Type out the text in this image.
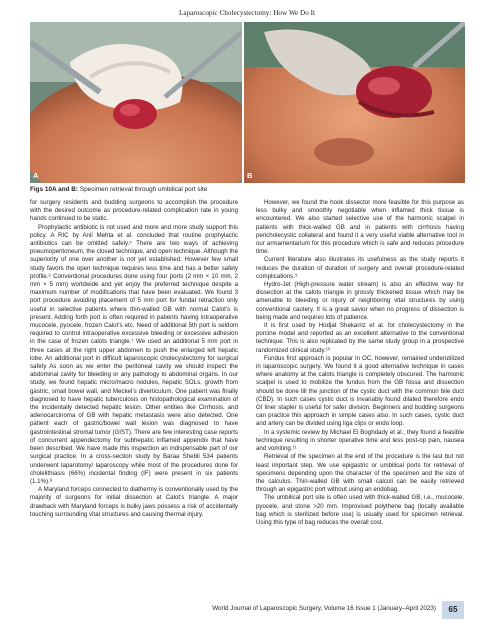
Laparoscopic Cholecystectomy: How We Do It
A	B
Figs 10A and B: Specimen retrieval through umbilical port site

for surgery residents and budding surgeons to accomplish the procedure with the desired outcome as procedure-related complication rate in young hands continued to be static.

Prophylactic antibiotic is not used and more and more study support this policy. A RIC by Anil Mehta et al. concluded that routine prophylactic antibiotics can be omitted safely.⁵ There are two ways of achieving pneumoperitoneum, the closed technique, and open technique. Although the superiority of one over another is not yet established. However few small study favors the open technique requires less time and has a better safety profile.⁶ Conventional procedures done using four ports (2 mm × 10 mm, 2 mm × 5 mm) worldwide and yet enjoy the preferred technique despite a maximum number of modifications that have been evaluated. We found 3 port procedure avoiding placement of 5 mm port for fundal retraction only useful in selective patients where thin-walled GB with normal Calot’s is present. Adding forth port is often required in patients having intraoperative mucocele, pyocele, frozen Calot’s etc. Need of additional 5th port is seldom required to control intraoperative excessive bleeding or excessive adhesion in the case of frozen calots triangle.⁷ We used an additional 5 mm port in three cases at the right upper abdomen to push the enlarged left hepatic lobe. An additional port in difficult laparoscopic cholecystectomy for surgical safety As soon as we enter the peritoneal cavity we should inspect the abdominal cavity for bleeding or any pathology to abdominal organs. In our study, we found hepatic micro/macro nodules, hepatic SOLs, growth from gastric, small bowel wall, and Meckel’s diverticulum. One patient was finally diagnosed to have hepatic tuberculosis on histopathological examination of the incidentally detected hepatic lesion. Other entities like Cirrhosis, and adenocarcinoma of GB with hepatic metastasis were also detected. One patient each of gastric/bowel wall lesion was diagnosed to have gastrointestinal stromal tumor (GIST). There are few interesting case reports of concurrent appendectomy for subhepatic inflamed appendix that have been described. We have made this inspection an indispensable part of our surgical practice. In a cross-section study by Baraa Shebli 534 patients underwent laparotomy/ laparoscopy while most of the procedures done for cholelithiasis (66%) incidental finding (IF) were present in six patients (1.1%).⁸

A Maryland forceps connected to diathermy is conventionally used by the majority of surgeons for initial dissection at Calot’s triangle. A major drawback with Maryland forceps is bulky jaws possess a risk of accidentally touching surrounding vital structures and causing thermal injury.

However, we found the hook dissector more feasible for this purpose as less bulky and smoothly negotiable when inflamed thick tissue is encountered. We also started selective use of the harmonic scalpel in patients with thick-walled GB and in patients with cirrhosis having pericholecystic collateral and found it a very useful viable alternative tool in our armamentarium for this procedure which is safe and reduces procedure time.

Current literature also illustrates its usefulness as the study reports it reduces the duration of duration of surgery and overall procedure-related complications.⁹

Hydro-Jet (High-pressure water stream) is also an effective way for dissection at the calots triangle in grossly thickened tissue which may be amenable to bleeding or injury of neighboring vital structures by using conventional cautery. It is a great savior when no progress of dissection is being made and requires lots of patience.

It is first used by Hodjat Shekarriz et al. for cholecystectomy in the porcine model and reported as an excellent alternative to the conventional technique. This is also replicated by the same study group in a prospective randomized clinical study.¹⁰

Fundus first approach is popular in OC, however, remained underutilized in laparoscopic surgery. We found it a good alternative technique in cases where anatomy at the calots triangle is completely obscured. The harmonic scalpel is used to mobilize the fundus from the GB fossa and dissection should be done till the junction of the cystic duct with the common bile duct (CBD). In such cases cystic duct is invariably found dilated therefore endo GI liner stapler is useful for safer division. Beginners and budding surgeons can practice this approach in simple cases also. In such cases, cystic duct and artery can be divided using liga clips or endo loop.

In a systemic review by Michael El Boghdady et al., they found a feasible technique resulting in shorter operative time and less post-op pain, nausea and vomiting.¹¹

Retrieval of the specimen at the end of the procedure is the last but not least important step. We use epigastric or umbilical ports for retrieval of specimens depending upon the character of the specimen and the size of the calculus. Thin-walled GB with small calculi can be easily retrieved through an epigastric port without using an endobag.

The umbilical port site is often used with thick-walled GB, i.e., mucocele, pyocele, and stone >20 mm. Improvised polythene bag (locally available bag which is sterilized before use) is usually used for specimen retrieval. Using this type of bag reduces the overall cost.

World Journal of Laparoscopic Surgery, Volume 16 Issue 1 (January–April 2023)	65
